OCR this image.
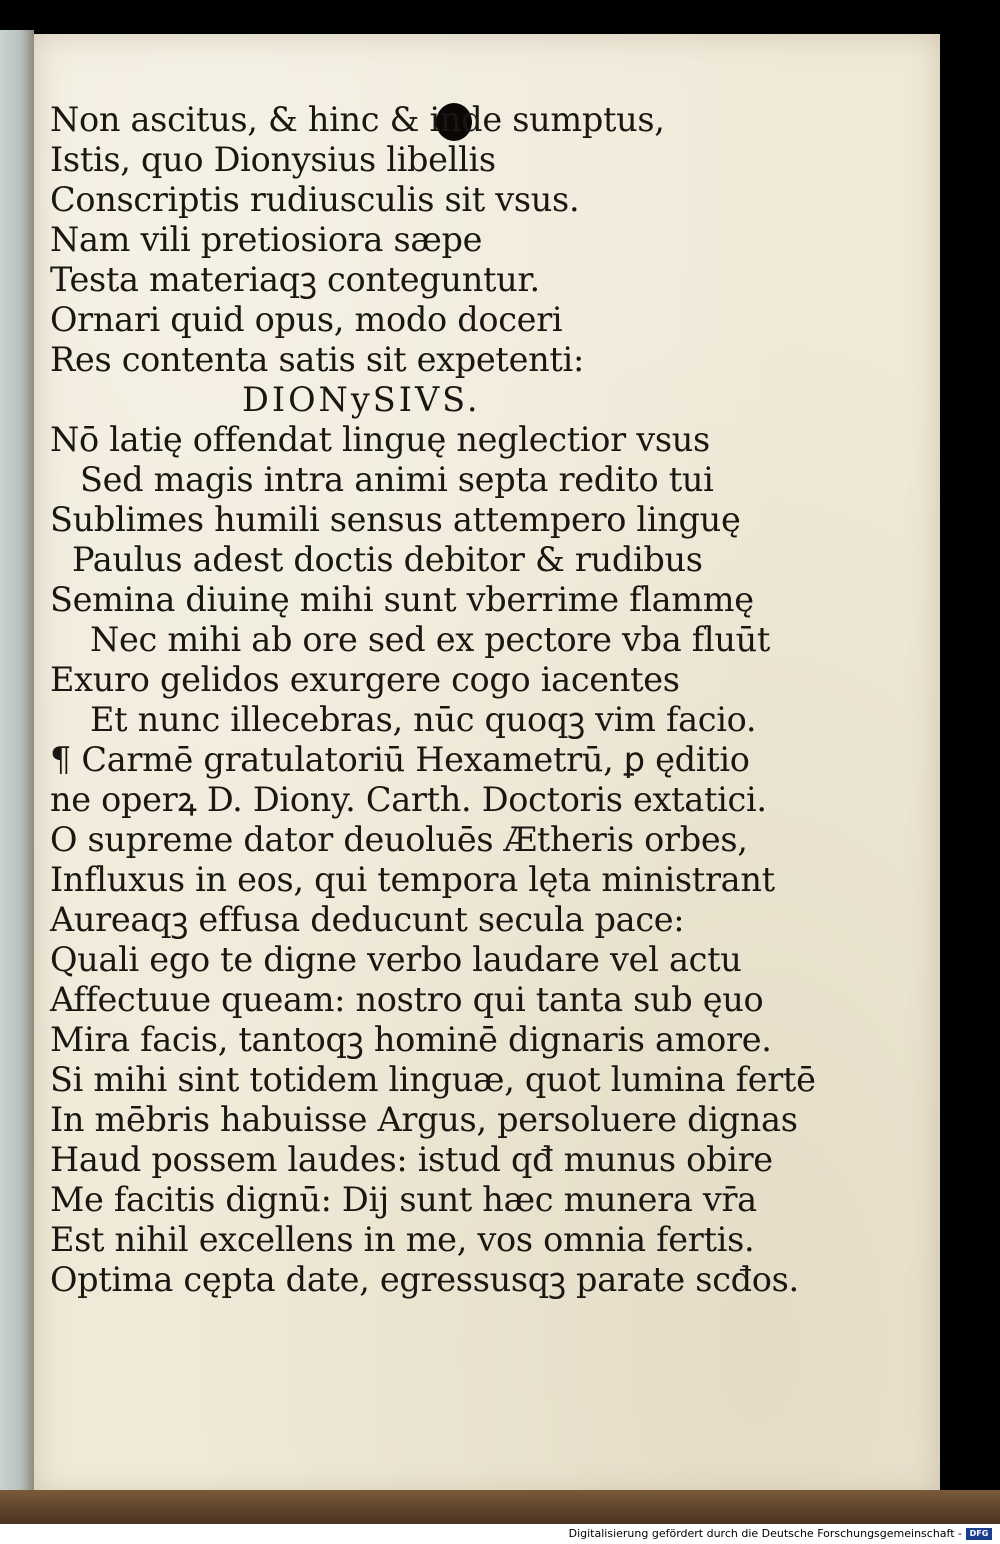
Non ascitus, & hinc & inde sumptus,
Istis, quo Dionysius libellis
Conscriptis rudiusculis sit vsus.
Nam vili pretiosiora sæpe
Testa materiaqꝫ conteguntur.
Ornari quid opus, modo doceri
Res contenta satis sit expetenti:
DIONySIVS.
Nō latię offendat linguę neglectior vsus
Sed magis intra animi septa redito tui
Sublimes humili sensus attempero linguę
Paulus adest doctis debitor & rudibus
Semina diuinę mihi sunt vberrime flammę
Nec mihi ab ore sed ex pectore vba fluūt
Exuro gelidos exurgere cogo iacentes
Et nunc illecebras, nūc quoqꝫ vim facio.
¶ Carmē gratulatoriū Hexametrū, ꝑ ęditio
ne operꝝ D. Diony. Carth. Doctoris extatici.
O supreme dator deuoluēs Ætheris orbes,
Influxus in eos, qui tempora lęta ministrant
Aureaqꝫ effusa deducunt secula pace:
Quali ego te digne verbo laudare vel actu
Affectuue queam: nostro qui tanta sub ęuo
Mira facis, tantoqꝫ hominē dignaris amore.
Si mihi sint totidem linguæ, quot lumina fertē
In mēbris habuisse Argus, persoluere dignas
Haud possem laudes: istud qđ munus obire
Me facitis dignū: Dij sunt hæc munera vr̄a
Est nihil excellens in me, vos omnia fertis.
Optima cępta date, egressusqꝫ parate scđos.
Digitalisierung gefördert durch die Deutsche Forschungsgemeinschaft - DFG
